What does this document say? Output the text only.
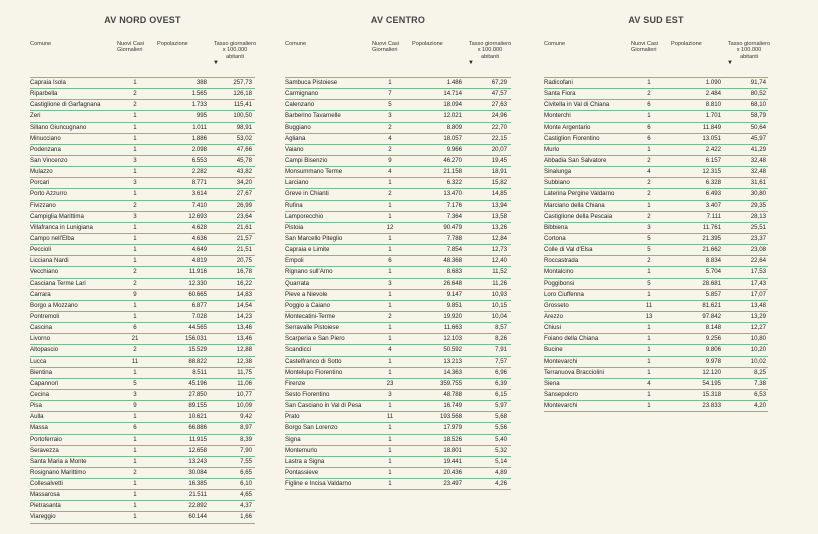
AV NORD OVEST
Comune	Nuovi Casi Giornalieri
Popolazione	Tasso giornaliero x 100.000 abitanti
▼
Capraia Isola	1	388	257,73
Riparbella	2	1.565	126,18
Castiglione di Garfagnana	2	1.733	115,41
Zeri	1	995	100,50
Sillano Giuncugnano	1	1.011	98,91
Minucciano	1	1.886	53,02
Podenzana	1	2.098	47,66
San Vincenzo	3	6.553	45,78
Mulazzo	1	2.282	43,82
Porcari	3	8.771	34,20
Porto Azzurro	1	3.614	27,67
Fivizzano	2	7.410	26,99
Campiglia Marittima	3	12.693	23,64
Villafranca in Lunigiana	1	4.628	21,61
Campo nell'Elba	1	4.636	21,57
Peccioli	1	4.649	21,51
Licciana Nardi	1	4.819	20,75
Vecchiano	2	11.916	16,78
Casciana Terme Lari	2	12.330	16,22
Carrara	9	60.665	14,83
Borgo a Mozzano	1	6.877	14,54
Pontremoli	1	7.028	14,23
Cascina	6	44.565	13,46
Livorno	21	156.031	13,46
Altopascio	2	15.529	12,88
Lucca	11	88.822	12,38
Bientina	1	8.511	11,75
Capannori	5	45.196	11,06
Cecina	3	27.850	10,77
Pisa	9	89.155	10,09
Aulla	1	10.621	9,42
Massa	6	66.886	8,97
Portoferraio	1	11.915	8,39
Seravezza	1	12.658	7,90
Santa Maria a Monte	1	13.243	7,55
Rosignano Marittimo	2	30.084	6,65
Collesalvetti	1	16.385	6,10
Massarosa	1	21.511	4,65
Pietrasanta	1	22.892	4,37
Viareggio	1	60.144	1,66
AV CENTRO
Comune	Nuovi Casi Giornalieri
Popolazione	Tasso giornaliero x 100.000 abitanti
▼
Sambuca Pistoiese	1	1.486	67,29
Carmignano	7	14.714	47,57
Calenzano	5	18.094	27,63
Barberino Tavarnelle	3	12.021	24,96
Buggiano	2	8.809	22,70
Agliana	4	18.057	22,15
Vaiano	2	9.966	20,07
Campi Bisenzio	9	46.270	19,45
Monsummano Terme	4	21.158	18,91
Larciano	1	6.322	15,82
Greve in Chianti	2	13.470	14,85
Rufina	1	7.176	13,94
Lamporecchio	1	7.364	13,58
Pistoia	12	90.479	13,26
San Marcello Piteglio	1	7.788	12,84
Capraia e Limite	1	7.854	12,73
Empoli	6	48.368	12,40
Rignano sull'Arno	1	8.683	11,52
Quarrata	3	26.648	11,26
Pieve a Nievole	1	9.147	10,93
Poggio a Caiano	1	9.851	10,15
Montecatini-Terme	2	19.920	10,04
Serravalle Pistoiese	1	11.663	8,57
Scarperia e San Piero	1	12.103	8,26
Scandicci	4	50.592	7,91
Castelfranco di Sotto	1	13.213	7,57
Montelupo Fiorentino	1	14.363	6,96
Firenze	23	359.755	6,39
Sesto Fiorentino	3	48.788	6,15
San Casciano in Val di Pesa	1	16.749	5,97
Prato	11	193.568	5,68
Borgo San Lorenzo	1	17.979	5,56
Signa	1	18.526	5,40
Montemurlo	1	18.801	5,32
Lastra a Signa	1	19.441	5,14
Pontassieve	1	20.436	4,89
Figline e Incisa Valdarno	1	23.497	4,26
AV SUD EST
Comune	Nuovi Casi Giornalieri
Popolazione	Tasso giornaliero x 100.000 abitanti
▼
Radicofani	1	1.090	91,74
Santa Fiora	2	2.484	80,52
Civitella in Val di Chiana	6	8.810	68,10
Monterchi	1	1.701	58,79
Monte Argentario	6	11.849	50,64
Castiglion Fiorentino	6	13.051	45,97
Murlo	1	2.422	41,29
Abbadia San Salvatore	2	6.157	32,48
Sinalunga	4	12.315	32,48
Subbiano	2	6.328	31,61
Laterina Pergine Valdarno	2	6.493	30,80
Marciano della Chiana	1	3.407	29,35
Castiglione della Pescaia	2	7.111	28,13
Bibbiena	3	11.761	25,51
Cortona	5	21.395	23,37
Colle di Val d'Elsa	5	21.662	23,08
Roccastrada	2	8.834	22,64
Montalcino	1	5.704	17,53
Poggibonsi	5	28.681	17,43
Loro Ciuffenna	1	5.857	17,07
Grosseto	11	81.621	13,48
Arezzo	13	97.842	13,29
Chiusi	1	8.148	12,27
Foiano della Chiana	1	9.256	10,80
Bucine	1	9.806	10,20
Montevarchi	1	9.978	10,02
Terranuova Bracciolini	1	12.120	8,25
Siena	4	54.195	7,38
Sansepolcro	1	15.318	6,53
Montevarchi	1	23.833	4,20
